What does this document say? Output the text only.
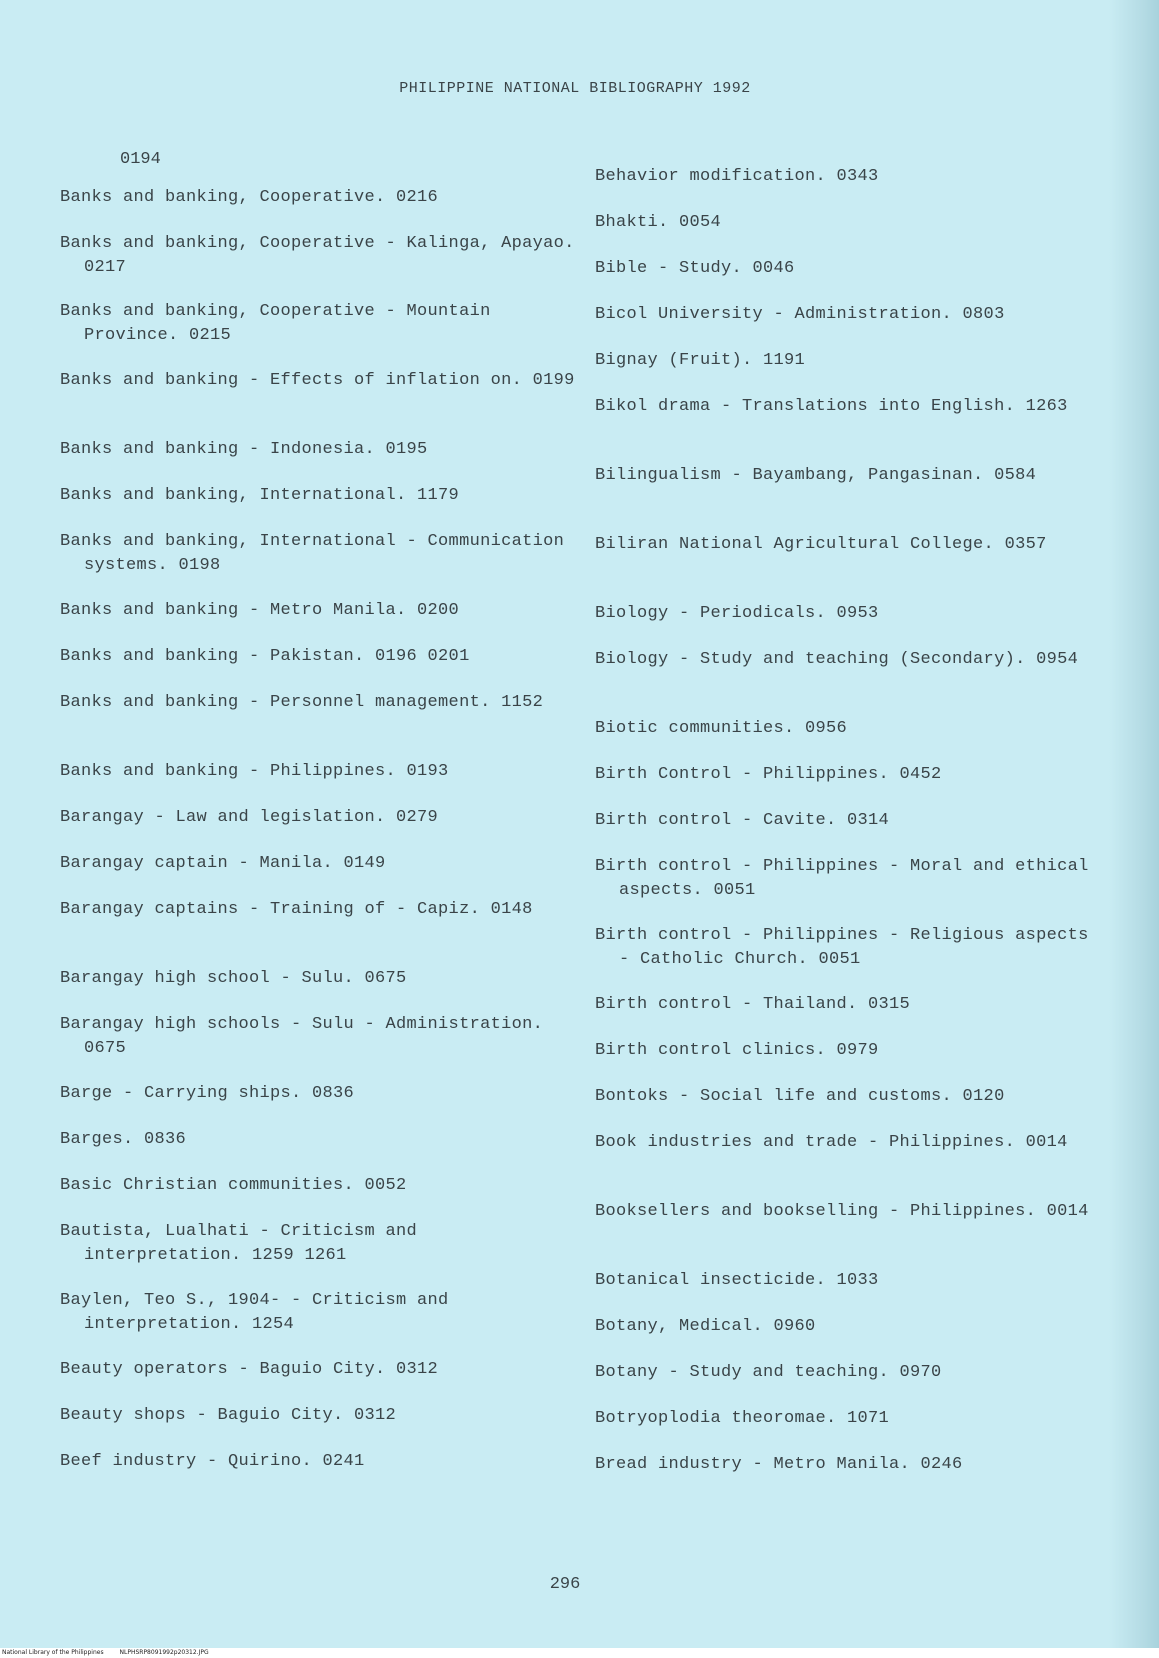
PHILIPPINE NATIONAL BIBLIOGRAPHY 1992
0194
Banks and banking, Cooperative. 0216
Banks and banking, Cooperative - Kalinga, Apayao. 0217
Banks and banking, Cooperative - Mountain Province. 0215
Banks and banking - Effects of inflation on. 0199
Banks and banking - Indonesia. 0195
Banks and banking, International. 1179
Banks and banking, International - Communication systems. 0198
Banks and banking - Metro Manila. 0200
Banks and banking - Pakistan. 0196 0201
Banks and banking - Personnel management. 1152
Banks and banking - Philippines. 0193
Barangay - Law and legislation. 0279
Barangay captain - Manila. 0149
Barangay captains - Training of - Capiz. 0148
Barangay high school - Sulu. 0675
Barangay high schools - Sulu - Administration. 0675
Barge - Carrying ships. 0836
Barges. 0836
Basic Christian communities. 0052
Bautista, Lualhati - Criticism and interpretation. 1259 1261
Baylen, Teo S., 1904- - Criticism and interpretation. 1254
Beauty operators - Baguio City. 0312
Beauty shops - Baguio City. 0312
Beef industry - Quirino. 0241
Behavior modification. 0343
Bhakti. 0054
Bible - Study. 0046
Bicol University - Administration. 0803
Bignay (Fruit). 1191
Bikol drama - Translations into English. 1263
Bilingualism - Bayambang, Pangasinan. 0584
Biliran National Agricultural College. 0357
Biology - Periodicals. 0953
Biology - Study and teaching (Secondary). 0954
Biotic communities. 0956
Birth Control - Philippines. 0452
Birth control - Cavite. 0314
Birth control - Philippines - Moral and ethical aspects. 0051
Birth control - Philippines - Religious aspects - Catholic Church. 0051
Birth control - Thailand. 0315
Birth control clinics. 0979
Bontoks - Social life and customs. 0120
Book industries and trade - Philippines. 0014
Booksellers and bookselling - Philippines. 0014
Botanical insecticide. 1033
Botany, Medical. 0960
Botany - Study and teaching. 0970
Botryoplodia theoromae. 1071
Bread industry - Metro Manila. 0246
296
National Library of the Philippines	NLPHSRP8091992p20312.JPG
